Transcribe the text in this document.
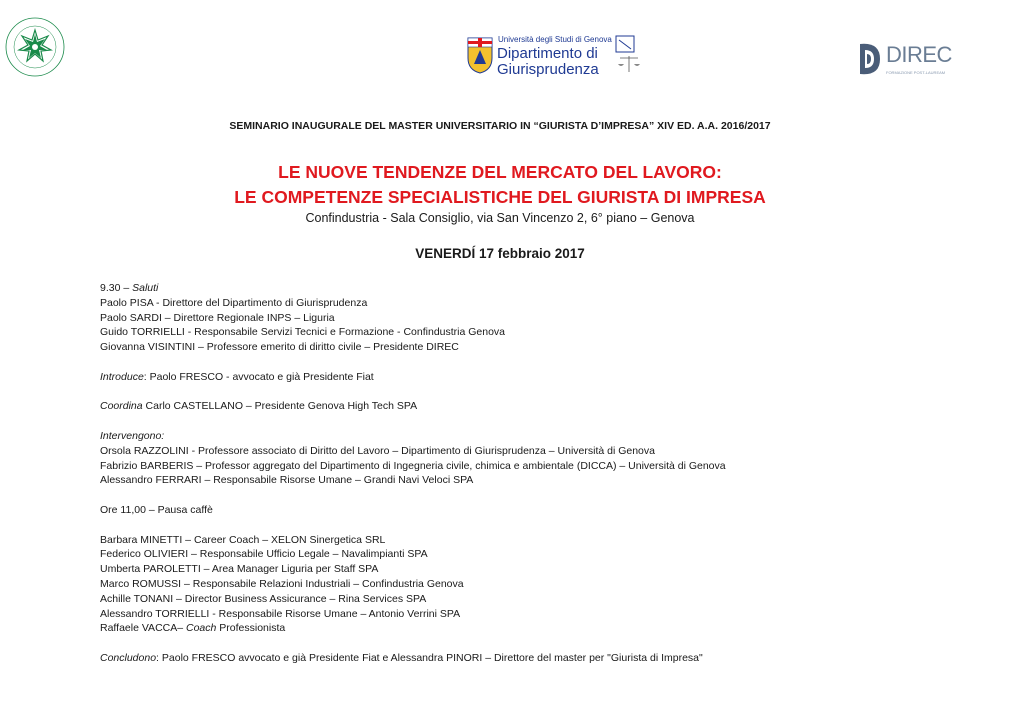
Università degli Studi di Genova
Dipartimento di
Giurisprudenza
DIREC
FORMAZIONE POST-LAUREAM
SEMINARIO INAUGURALE DEL MASTER UNIVERSITARIO IN “GIURISTA D’IMPRESA” XIV ED. A.A. 2016/2017
LE NUOVE TENDENZE DEL MERCATO DEL LAVORO:
LE COMPETENZE SPECIALISTICHE DEL GIURISTA DI IMPRESA
Confindustria - Sala Consiglio, via San Vincenzo 2, 6° piano – Genova
VENERDÍ 17 febbraio 2017
9.30 – Saluti
Paolo PISA - Direttore del Dipartimento di Giurisprudenza
Paolo SARDI – Direttore Regionale INPS – Liguria
Guido TORRIELLI - Responsabile Servizi Tecnici e Formazione - Confindustria Genova
Giovanna VISINTINI – Professore emerito di diritto civile – Presidente DIREC
Introduce: Paolo FRESCO - avvocato e già Presidente Fiat
Coordina Carlo CASTELLANO – Presidente Genova High Tech SPA
Intervengono:
Orsola RAZZOLINI - Professore associato di Diritto del Lavoro – Dipartimento di Giurisprudenza – Università di Genova
Fabrizio BARBERIS – Professor aggregato del Dipartimento di Ingegneria civile, chimica e ambientale (DICCA) – Università di Genova
Alessandro FERRARI – Responsabile Risorse Umane – Grandi Navi Veloci SPA
Ore 11,00 – Pausa caffè
Barbara MINETTI – Career Coach – XELON Sinergetica SRL
Federico OLIVIERI – Responsabile Ufficio Legale – Navalimpianti SPA
Umberta PAROLETTI – Area Manager Liguria per Staff SPA
Marco ROMUSSI – Responsabile Relazioni Industriali – Confindustria Genova
Achille TONANI – Director Business Assicurance – Rina Services SPA
Alessandro TORRIELLI - Responsabile Risorse Umane – Antonio Verrini SPA
Raffaele VACCA– Coach Professionista
Concludono: Paolo FRESCO avvocato e già Presidente Fiat e Alessandra PINORI – Direttore del master per "Giurista di Impresa"
